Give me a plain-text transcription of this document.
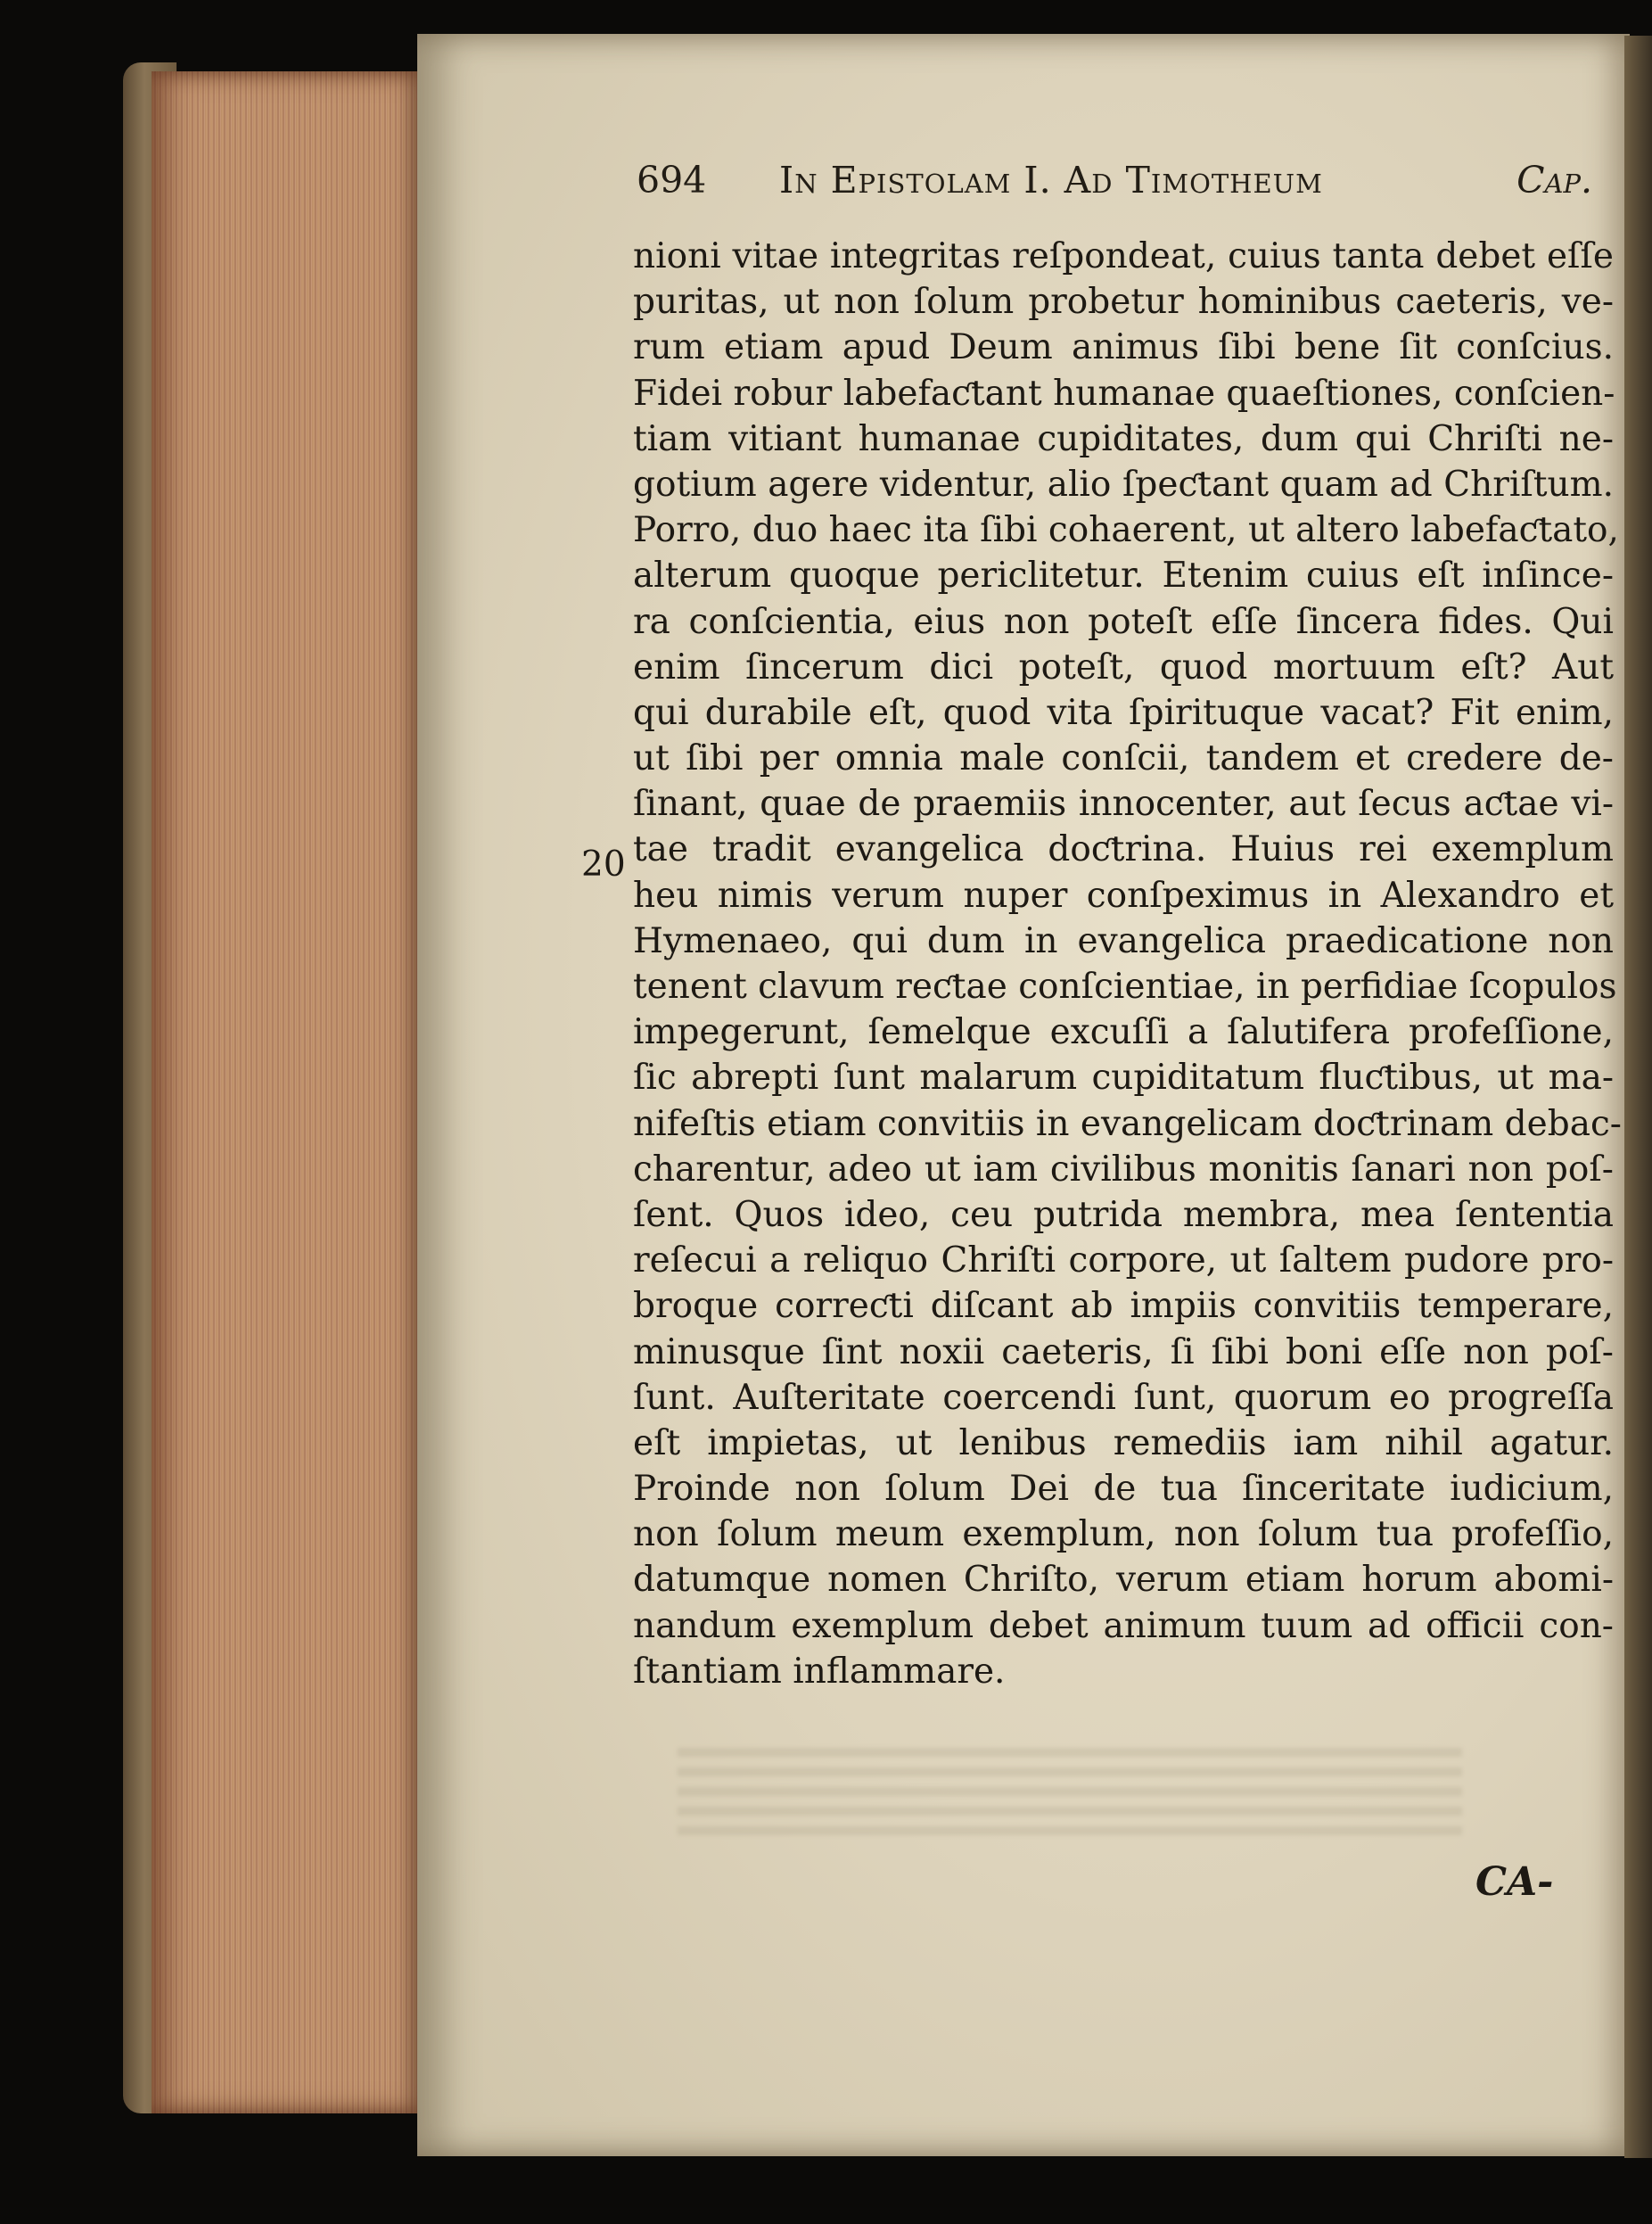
694 In Epistolam I. Ad Timotheum	Cap.
20
nioni vitae integritas reſpondeat, cuius tanta debet eſſe
puritas, ut non ſolum probetur hominibus caeteris, ve-
rum etiam apud Deum animus ſibi bene ſit conſcius.
Fidei robur labefaƈtant humanae quaeſtiones, conſcien-
tiam vitiant humanae cupiditates, dum qui Chriſti ne-
gotium agere videntur, alio ſpeƈtant quam ad Chriſtum.
Porro, duo haec ita ſibi cohaerent, ut altero labefaƈtato,
alterum quoque periclitetur. Etenim cuius eſt inſince-
ra conſcientia, eius non poteſt eſſe ſincera fides. Qui
enim ſincerum dici poteſt, quod mortuum eſt? Aut
qui durabile eſt, quod vita ſpirituque vacat? Fit enim,
ut ſibi per omnia male conſcii, tandem et credere de-
ſinant, quae de praemiis innocenter, aut ſecus aƈtae vi-
tae tradit evangelica doƈtrina. Huius rei exemplum
heu nimis verum nuper conſpeximus in Alexandro et
Hymenaeo, qui dum in evangelica praedicatione non
tenent clavum reƈtae conſcientiae, in perfidiae ſcopulos
impegerunt, ſemelque excuſſi a ſalutifera profeſſione,
ſic abrepti ſunt malarum cupiditatum fluƈtibus, ut ma-
nifeſtis etiam convitiis in evangelicam doƈtrinam debac-
charentur, adeo ut iam civilibus monitis ſanari non poſ-
ſent. Quos ideo, ceu putrida membra, mea ſententia
reſecui a reliquo Chriſti corpore, ut ſaltem pudore pro-
broque correƈti diſcant ab impiis convitiis temperare,
minusque ſint noxii caeteris, ſi ſibi boni eſſe non poſ-
ſunt. Auſteritate coercendi ſunt, quorum eo progreſſa
eſt impietas, ut lenibus remediis iam nihil agatur.
Proinde non ſolum Dei de tua ſinceritate iudicium,
non ſolum meum exemplum, non ſolum tua profeſſio,
datumque nomen Chriſto, verum etiam horum abomi-
nandum exemplum debet animum tuum ad officii con-
ſtantiam inflammare.
CA-
